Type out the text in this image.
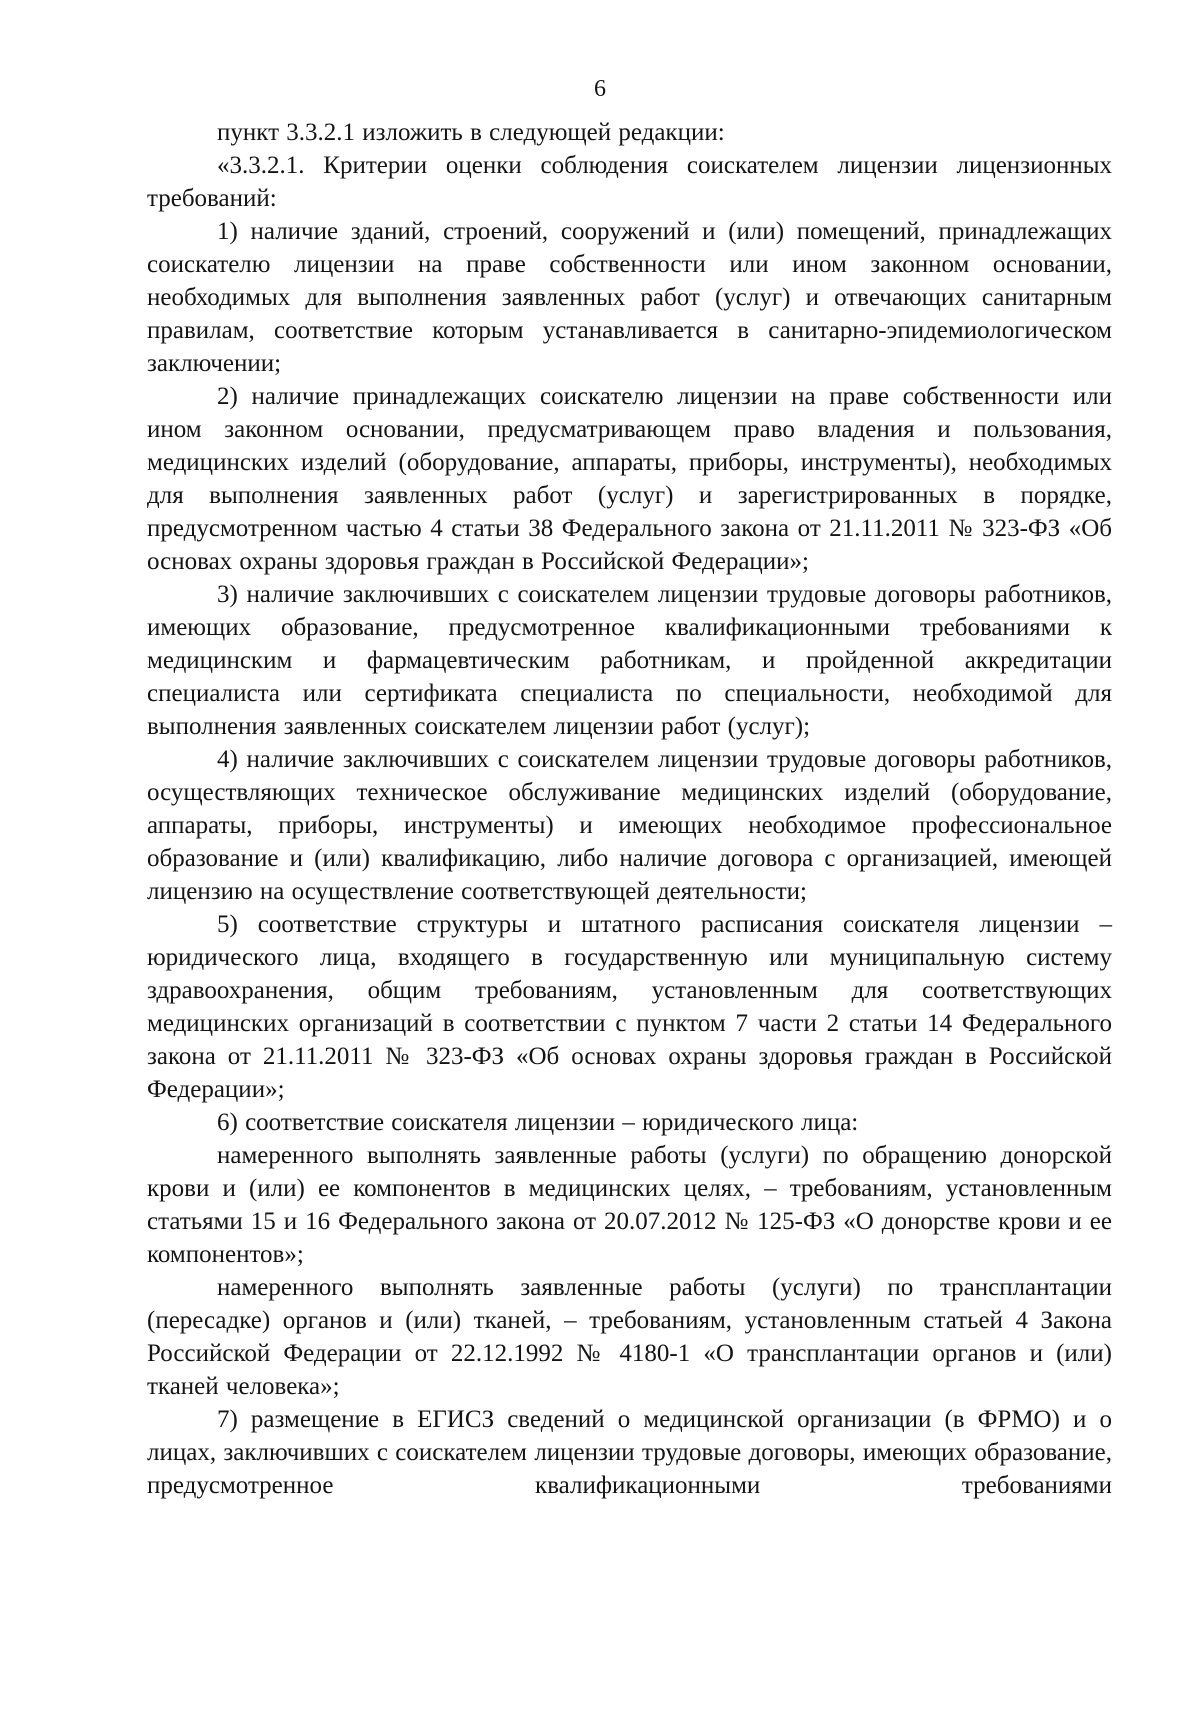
6

пункт 3.3.2.1 изложить в следующей редакции:

«3.3.2.1. Критерии оценки соблюдения соискателем лицензии лицензионных требований:

1) наличие зданий, строений, сооружений и (или) помещений, принадлежащих соискателю лицензии на праве собственности или ином законном основании, необходимых для выполнения заявленных работ (услуг) и отвечающих санитарным правилам, соответствие которым устанавливается в санитарно-эпидемиологическом заключении;

2) наличие принадлежащих соискателю лицензии на праве собственности или ином законном основании, предусматривающем право владения и пользования, медицинских изделий (оборудование, аппараты, приборы, инструменты), необходимых для выполнения заявленных работ (услуг) и зарегистрированных в порядке, предусмотренном частью 4 статьи 38 Федерального закона от 21.11.2011 № 323-ФЗ «Об основах охраны здоровья граждан в Российской Федерации»;

3) наличие заключивших с соискателем лицензии трудовые договоры работников, имеющих образование, предусмотренное квалификационными требованиями к медицинским и фармацевтическим работникам, и пройденной аккредитации специалиста или сертификата специалиста по специальности, необходимой для выполнения заявленных соискателем лицензии работ (услуг);

4) наличие заключивших с соискателем лицензии трудовые договоры работников, осуществляющих техническое обслуживание медицинских изделий (оборудование, аппараты, приборы, инструменты) и имеющих необходимое профессиональное образование и (или) квалификацию, либо наличие договора с организацией, имеющей лицензию на осуществление соответствующей деятельности;

5) соответствие структуры и штатного расписания соискателя лицензии – юридического лица, входящего в государственную или муниципальную систему здравоохранения, общим требованиям, установленным для соответствующих медицинских организаций в соответствии с пунктом 7 части 2 статьи 14 Федерального закона от 21.11.2011 № 323-ФЗ «Об основах охраны здоровья граждан в Российской Федерации»;

6) соответствие соискателя лицензии – юридического лица:

намеренного выполнять заявленные работы (услуги) по обращению донорской крови и (или) ее компонентов в медицинских целях, – требованиям, установленным статьями 15 и 16 Федерального закона от 20.07.2012 № 125-ФЗ «О донорстве крови и ее компонентов»;

намеренного выполнять заявленные работы (услуги) по трансплантации (пересадке) органов и (или) тканей, – требованиям, установленным статьей 4 Закона Российской Федерации от 22.12.1992 № 4180-1 «О трансплантации органов и (или) тканей человека»;

7) размещение в ЕГИСЗ сведений о медицинской организации (в ФРМО) и о лицах, заключивших с соискателем лицензии трудовые договоры, имеющих образование, предусмотренное квалификационными требованиями
